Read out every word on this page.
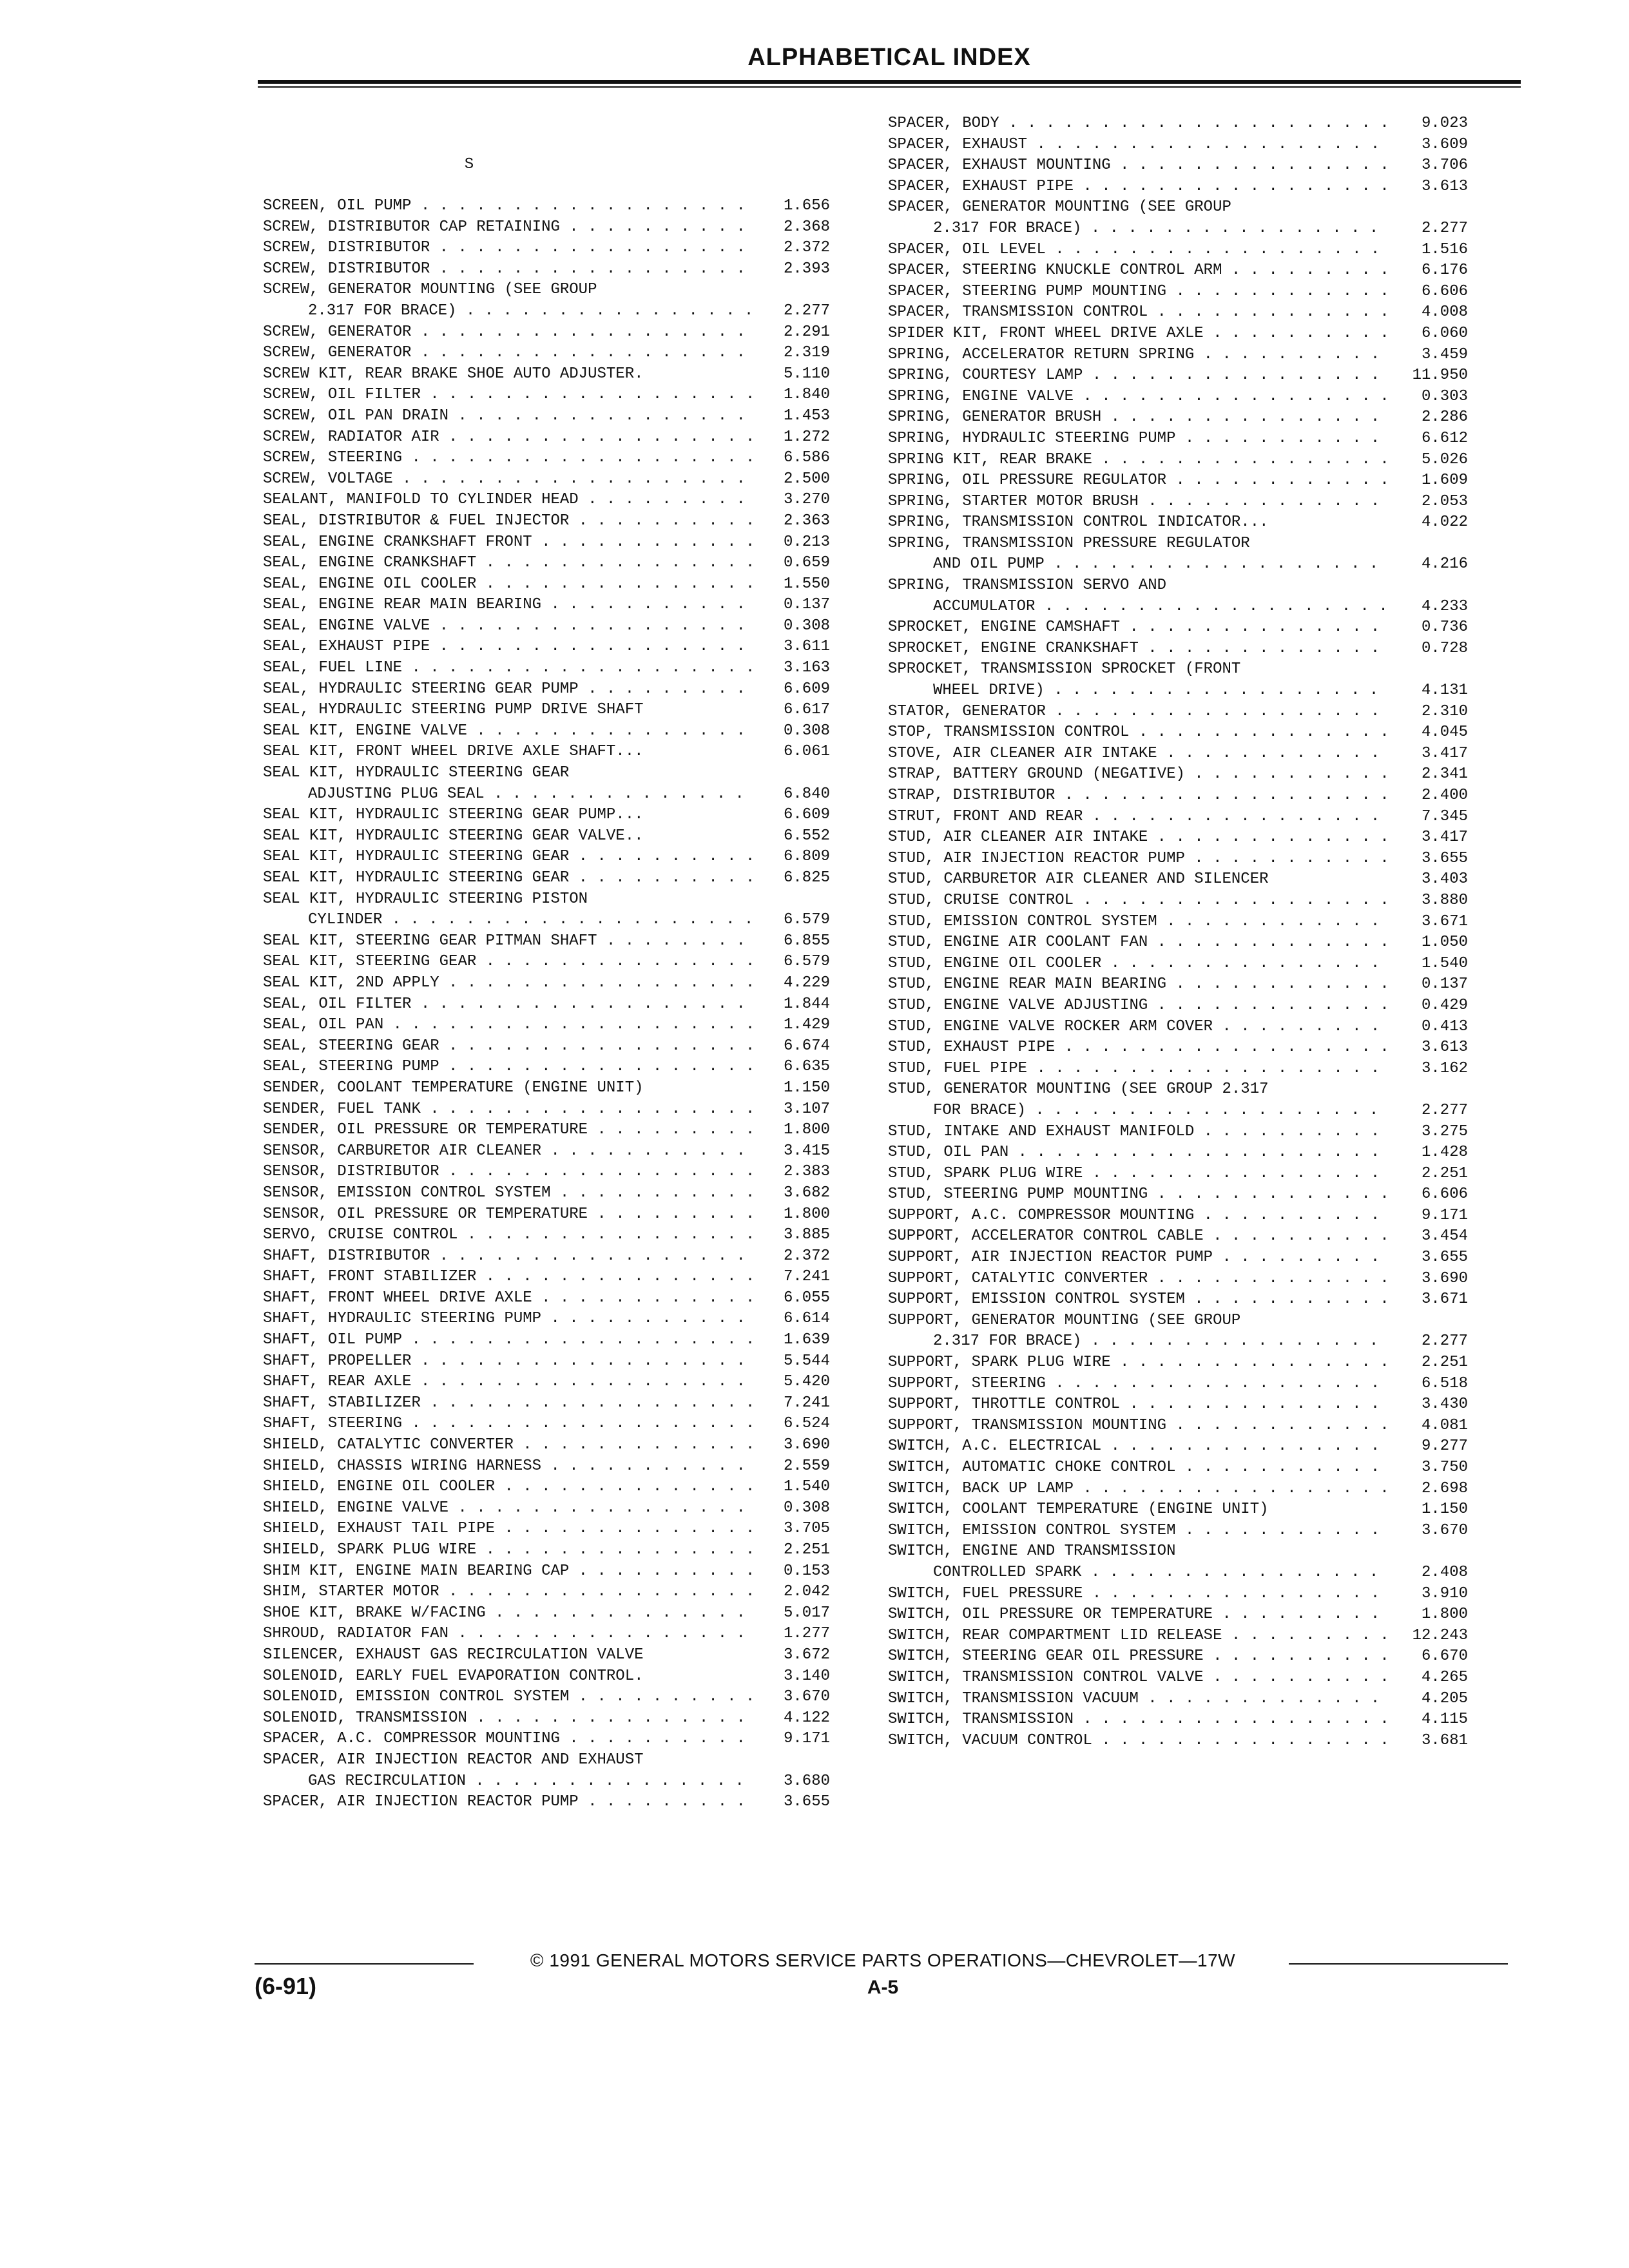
ALPHABETICAL INDEX
S
SCREEN, OIL PUMP . . .	1.656
SCREW, DISTRIBUTOR CAP RETAINING . . .	2.368
SCREW, DISTRIBUTOR . . .	2.372
SCREW, DISTRIBUTOR . . .	2.393
SCREW, GENERATOR MOUNTING (SEE GROUP
2.317 FOR BRACE) . . .	2.277
SCREW, GENERATOR . . .	2.291
SCREW, GENERATOR . . .	2.319
SCREW KIT, REAR BRAKE SHOE AUTO ADJUSTER.	5.110
SCREW, OIL FILTER . . .	1.840
SCREW, OIL PAN DRAIN . . .	1.453
SCREW, RADIATOR AIR . . .	1.272
SCREW, STEERING . . .	6.586
SCREW, VOLTAGE . . .	2.500
SEALANT, MANIFOLD TO CYLINDER HEAD . . .	3.270
SEAL, DISTRIBUTOR & FUEL INJECTOR . . .	2.363
SEAL, ENGINE CRANKSHAFT FRONT . . .	0.213
SEAL, ENGINE CRANKSHAFT . . .	0.659
SEAL, ENGINE OIL COOLER . . .	1.550
SEAL, ENGINE REAR MAIN BEARING . . .	0.137
SEAL, ENGINE VALVE . . .	0.308
SEAL, EXHAUST PIPE . . .	3.611
SEAL, FUEL LINE . . .	3.163
SEAL, HYDRAULIC STEERING GEAR PUMP . . .	6.609
SEAL, HYDRAULIC STEERING PUMP DRIVE SHAFT	6.617
SEAL KIT, ENGINE VALVE . . .	0.308
SEAL KIT, FRONT WHEEL DRIVE AXLE SHAFT...	6.061
SEAL KIT, HYDRAULIC STEERING GEAR
ADJUSTING PLUG SEAL . . .	6.840
SEAL KIT, HYDRAULIC STEERING GEAR PUMP...	6.609
SEAL KIT, HYDRAULIC STEERING GEAR VALVE..	6.552
SEAL KIT, HYDRAULIC STEERING GEAR . . .	6.809
SEAL KIT, HYDRAULIC STEERING GEAR . . .	6.825
SEAL KIT, HYDRAULIC STEERING PISTON
CYLINDER . . .	6.579
SEAL KIT, STEERING GEAR PITMAN SHAFT . . .	6.855
SEAL KIT, STEERING GEAR . . .	6.579
SEAL KIT, 2ND APPLY . . .	4.229
SEAL, OIL FILTER . . .	1.844
SEAL, OIL PAN . . .	1.429
SEAL, STEERING GEAR . . .	6.674
SEAL, STEERING PUMP . . .	6.635
SENDER, COOLANT TEMPERATURE (ENGINE UNIT)	1.150
SENDER, FUEL TANK . . .	3.107
SENDER, OIL PRESSURE OR TEMPERATURE . . .	1.800
SENSOR, CARBURETOR AIR CLEANER . . .	3.415
SENSOR, DISTRIBUTOR . . .	2.383
SENSOR, EMISSION CONTROL SYSTEM . . .	3.682
SENSOR, OIL PRESSURE OR TEMPERATURE . . .	1.800
SERVO, CRUISE CONTROL . . .	3.885
SHAFT, DISTRIBUTOR . . .	2.372
SHAFT, FRONT STABILIZER . . .	7.241
SHAFT, FRONT WHEEL DRIVE AXLE . . .	6.055
SHAFT, HYDRAULIC STEERING PUMP . . .	6.614
SHAFT, OIL PUMP . . .	1.639
SHAFT, PROPELLER . . .	5.544
SHAFT, REAR AXLE . . .	5.420
SHAFT, STABILIZER . . .	7.241
SHAFT, STEERING . . .	6.524
SHIELD, CATALYTIC CONVERTER . . .	3.690
SHIELD, CHASSIS WIRING HARNESS . . .	2.559
SHIELD, ENGINE OIL COOLER . . .	1.540
SHIELD, ENGINE VALVE . . .	0.308
SHIELD, EXHAUST TAIL PIPE . . .	3.705
SHIELD, SPARK PLUG WIRE . . .	2.251
SHIM KIT, ENGINE MAIN BEARING CAP . . .	0.153
SHIM, STARTER MOTOR . . .	2.042
SHOE KIT, BRAKE W/FACING . . .	5.017
SHROUD, RADIATOR FAN . . .	1.277
SILENCER, EXHAUST GAS RECIRCULATION VALVE	3.672
SOLENOID, EARLY FUEL EVAPORATION CONTROL.	3.140
SOLENOID, EMISSION CONTROL SYSTEM . . .	3.670
SOLENOID, TRANSMISSION . . .	4.122
SPACER, A.C. COMPRESSOR MOUNTING . . .	9.171
SPACER, AIR INJECTION REACTOR AND EXHAUST
GAS RECIRCULATION . . .	3.680
SPACER, AIR INJECTION REACTOR PUMP . . .	3.655
SPACER, BODY . . .	9.023
SPACER, EXHAUST . . .	3.609
SPACER, EXHAUST MOUNTING . . .	3.706
SPACER, EXHAUST PIPE . . .	3.613
SPACER, GENERATOR MOUNTING (SEE GROUP
2.317 FOR BRACE) . . .	2.277
SPACER, OIL LEVEL . . .	1.516
SPACER, STEERING KNUCKLE CONTROL ARM . . .	6.176
SPACER, STEERING PUMP MOUNTING . . .	6.606
SPACER, TRANSMISSION CONTROL . . .	4.008
SPIDER KIT, FRONT WHEEL DRIVE AXLE . . .	6.060
SPRING, ACCELERATOR RETURN SPRING . . .	3.459
SPRING, COURTESY LAMP . . .	11.950
SPRING, ENGINE VALVE . . .	0.303
SPRING, GENERATOR BRUSH . . .	2.286
SPRING, HYDRAULIC STEERING PUMP . . .	6.612
SPRING KIT, REAR BRAKE . . .	5.026
SPRING, OIL PRESSURE REGULATOR . . .	1.609
SPRING, STARTER MOTOR BRUSH . . .	2.053
SPRING, TRANSMISSION CONTROL INDICATOR...	4.022
SPRING, TRANSMISSION PRESSURE REGULATOR
AND OIL PUMP . . .	4.216
SPRING, TRANSMISSION SERVO AND
ACCUMULATOR . . .	4.233
SPROCKET, ENGINE CAMSHAFT . . .	0.736
SPROCKET, ENGINE CRANKSHAFT . . .	0.728
SPROCKET, TRANSMISSION SPROCKET (FRONT
WHEEL DRIVE) . . .	4.131
STATOR, GENERATOR . . .	2.310
STOP, TRANSMISSION CONTROL . . .	4.045
STOVE, AIR CLEANER AIR INTAKE . . .	3.417
STRAP, BATTERY GROUND (NEGATIVE) . . .	2.341
STRAP, DISTRIBUTOR . . .	2.400
STRUT, FRONT AND REAR . . .	7.345
STUD, AIR CLEANER AIR INTAKE . . .	3.417
STUD, AIR INJECTION REACTOR PUMP . . .	3.655
STUD, CARBURETOR AIR CLEANER AND SILENCER	3.403
STUD, CRUISE CONTROL . . .	3.880
STUD, EMISSION CONTROL SYSTEM . . .	3.671
STUD, ENGINE AIR COOLANT FAN . . .	1.050
STUD, ENGINE OIL COOLER . . .	1.540
STUD, ENGINE REAR MAIN BEARING . . .	0.137
STUD, ENGINE VALVE ADJUSTING . . .	0.429
STUD, ENGINE VALVE ROCKER ARM COVER . . .	0.413
STUD, EXHAUST PIPE . . .	3.613
STUD, FUEL PIPE . . .	3.162
STUD, GENERATOR MOUNTING (SEE GROUP 2.317
FOR BRACE) . . .	2.277
STUD, INTAKE AND EXHAUST MANIFOLD . . .	3.275
STUD, OIL PAN . . .	1.428
STUD, SPARK PLUG WIRE . . .	2.251
STUD, STEERING PUMP MOUNTING . . .	6.606
SUPPORT, A.C. COMPRESSOR MOUNTING . . .	9.171
SUPPORT, ACCELERATOR CONTROL CABLE . . .	3.454
SUPPORT, AIR INJECTION REACTOR PUMP . . .	3.655
SUPPORT, CATALYTIC CONVERTER . . .	3.690
SUPPORT, EMISSION CONTROL SYSTEM . . .	3.671
SUPPORT, GENERATOR MOUNTING (SEE GROUP
2.317 FOR BRACE) . . .	2.277
SUPPORT, SPARK PLUG WIRE . . .	2.251
SUPPORT, STEERING . . .	6.518
SUPPORT, THROTTLE CONTROL . . .	3.430
SUPPORT, TRANSMISSION MOUNTING . . .	4.081
SWITCH, A.C. ELECTRICAL . . .	9.277
SWITCH, AUTOMATIC CHOKE CONTROL . . .	3.750
SWITCH, BACK UP LAMP . . .	2.698
SWITCH, COOLANT TEMPERATURE (ENGINE UNIT)	1.150
SWITCH, EMISSION CONTROL SYSTEM . . .	3.670
SWITCH, ENGINE AND TRANSMISSION
CONTROLLED SPARK . . .	2.408
SWITCH, FUEL PRESSURE . . .	3.910
SWITCH, OIL PRESSURE OR TEMPERATURE . . .	1.800
SWITCH, REAR COMPARTMENT LID RELEASE . . .	12.243
SWITCH, STEERING GEAR OIL PRESSURE . . .	6.670
SWITCH, TRANSMISSION CONTROL VALVE . . .	4.265
SWITCH, TRANSMISSION VACUUM . . .	4.205
SWITCH, TRANSMISSION . . .	4.115
SWITCH, VACUUM CONTROL . . .	3.681
© 1991 GENERAL MOTORS SERVICE PARTS OPERATIONS—CHEVROLET—17W
(6-91)	A-5
